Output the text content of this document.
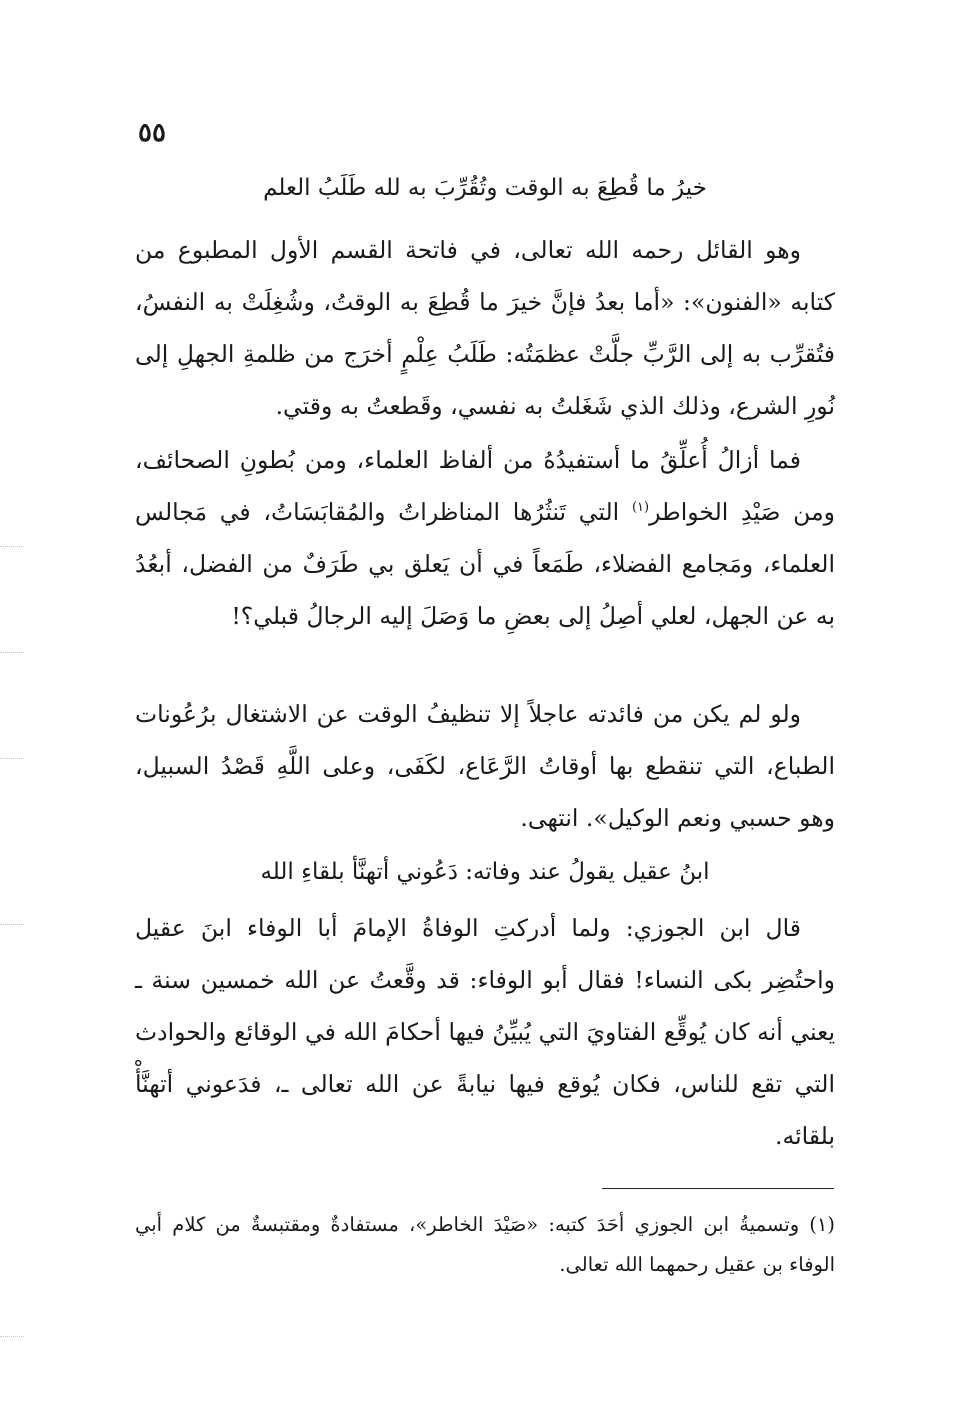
٥٥
خيرُ ما قُطِعَ به الوقت وتُقُرِّبَ به لله طَلَبُ العلم

وهو القائل رحمه الله تعالى، في فاتحة القسم الأول المطبوع من كتابه «الفنون»: «أما بعدُ فإنَّ خيرَ ما قُطِعَ به الوقتُ، وشُغِلَتْ به النفسُ، فتُقرِّب به إلى الرَّبِّ جلَّتْ عظمَتُه: طَلَبُ عِلْمٍ أخرَج من ظلمةِ الجهلِ إلى نُورِ الشرع، وذلك الذي شَغَلتُ به نفسي، وقَطعتُ به وقتي.

فما أزالُ أُعلِّقُ ما أستفيدُهُ من ألفاظ العلماء، ومن بُطونِ الصحائف، ومن صَيْدِ الخواطر$^{(١)}$ التي تَنثُرُها المناظراتُ والمُقابَسَاتُ، في مَجالس العلماء، ومَجامع الفضلاء، طَمَعاً في أن يَعلق بي طَرَفٌ من الفضل، أبعُدُ به عن الجهل، لعلي أصِلُ إلى بعضِ ما وَصَلَ إليه الرجالُ قبلي؟!

ولو لم يكن من فائدته عاجلاً إلا تنظيفُ الوقت عن الاشتغال برُعُونات الطباع، التي تنقطع بها أوقاتُ الرَّعَاع، لكَفَى، وعلى اللَّهِ قَصْدُ السبيل، وهو حسبي ونعم الوكيل». انتهى.

ابنُ عقيل يقولُ عند وفاته: دَعُوني أتهنَّأ بلقاءِ الله

قال ابن الجوزي: ولما أدركتِ الوفاةُ الإمامَ أبا الوفاء ابنَ عقيل واحتُضِر بكى النساء! فقال أبو الوفاء: قد وقَّعتُ عن الله خمسين سنة ـ يعني أنه كان يُوقِّع الفتاويَ التي يُبيِّنُ فيها أحكامَ الله في الوقائع والحوادث التي تقع للناس، فكان يُوقع فيها نيابةً عن الله تعالى ـ، فدَعوني أتهنَّأْ بلقائه.

(١) وتسميةُ ابن الجوزي أحَدَ كتبه: «صَيْدَ الخاطر»، مستفادةٌ ومقتبسةٌ من كلام أبي الوفاء بن عقيل رحمهما الله تعالى.
